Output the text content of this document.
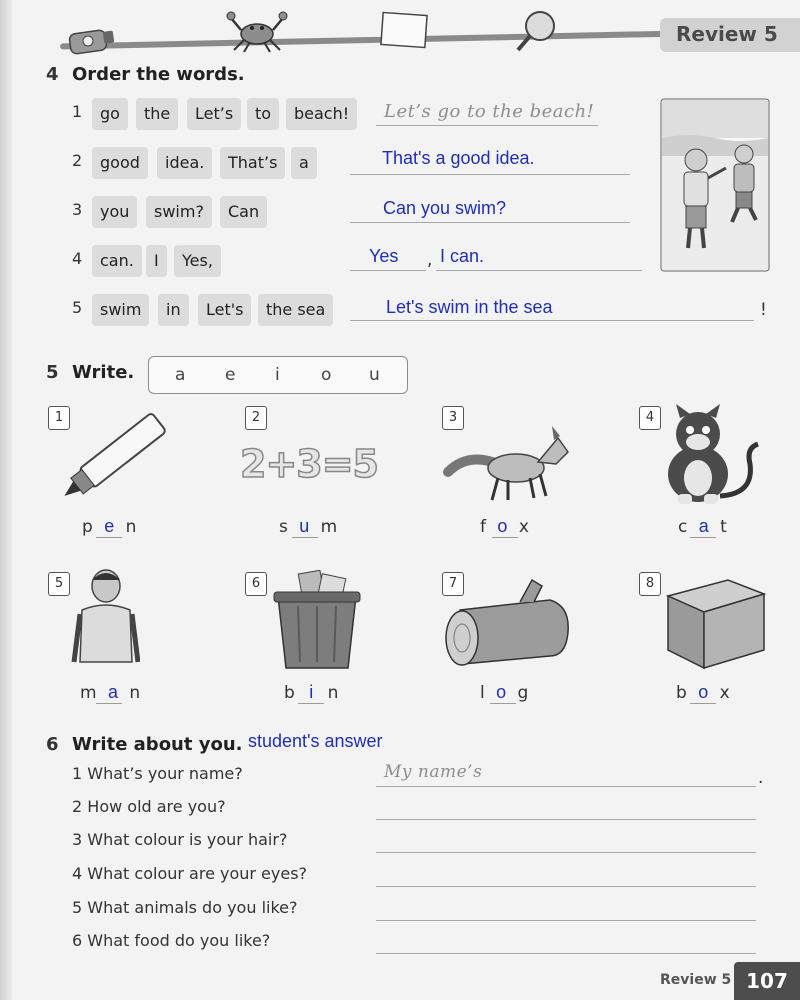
Review 5
4 Order the words.
1	go	the	Let’s	to	beach!	Let’s go to the beach!
2	good	idea.	That’s	a	That's a good idea.
3	you	swim?	Can	Can you swim?
4	can.	I	Yes,	Yes , I can.
5	swim	in	Let's	the sea	Let's swim in the sea	!
5 Write. a e i o u
1	2	3	4
5	6	7	8
2+3=5
p e n	s u m	f o x	c a t
m a n	b i n	l o g	b o x
6 Write about you. student's answer
1 What’s your name?	My name’s	.
2 How old are you?
3 What colour is your hair?
4 What colour are your eyes?
5 What animals do you like?
6 What food do you like?
Review 5 107
